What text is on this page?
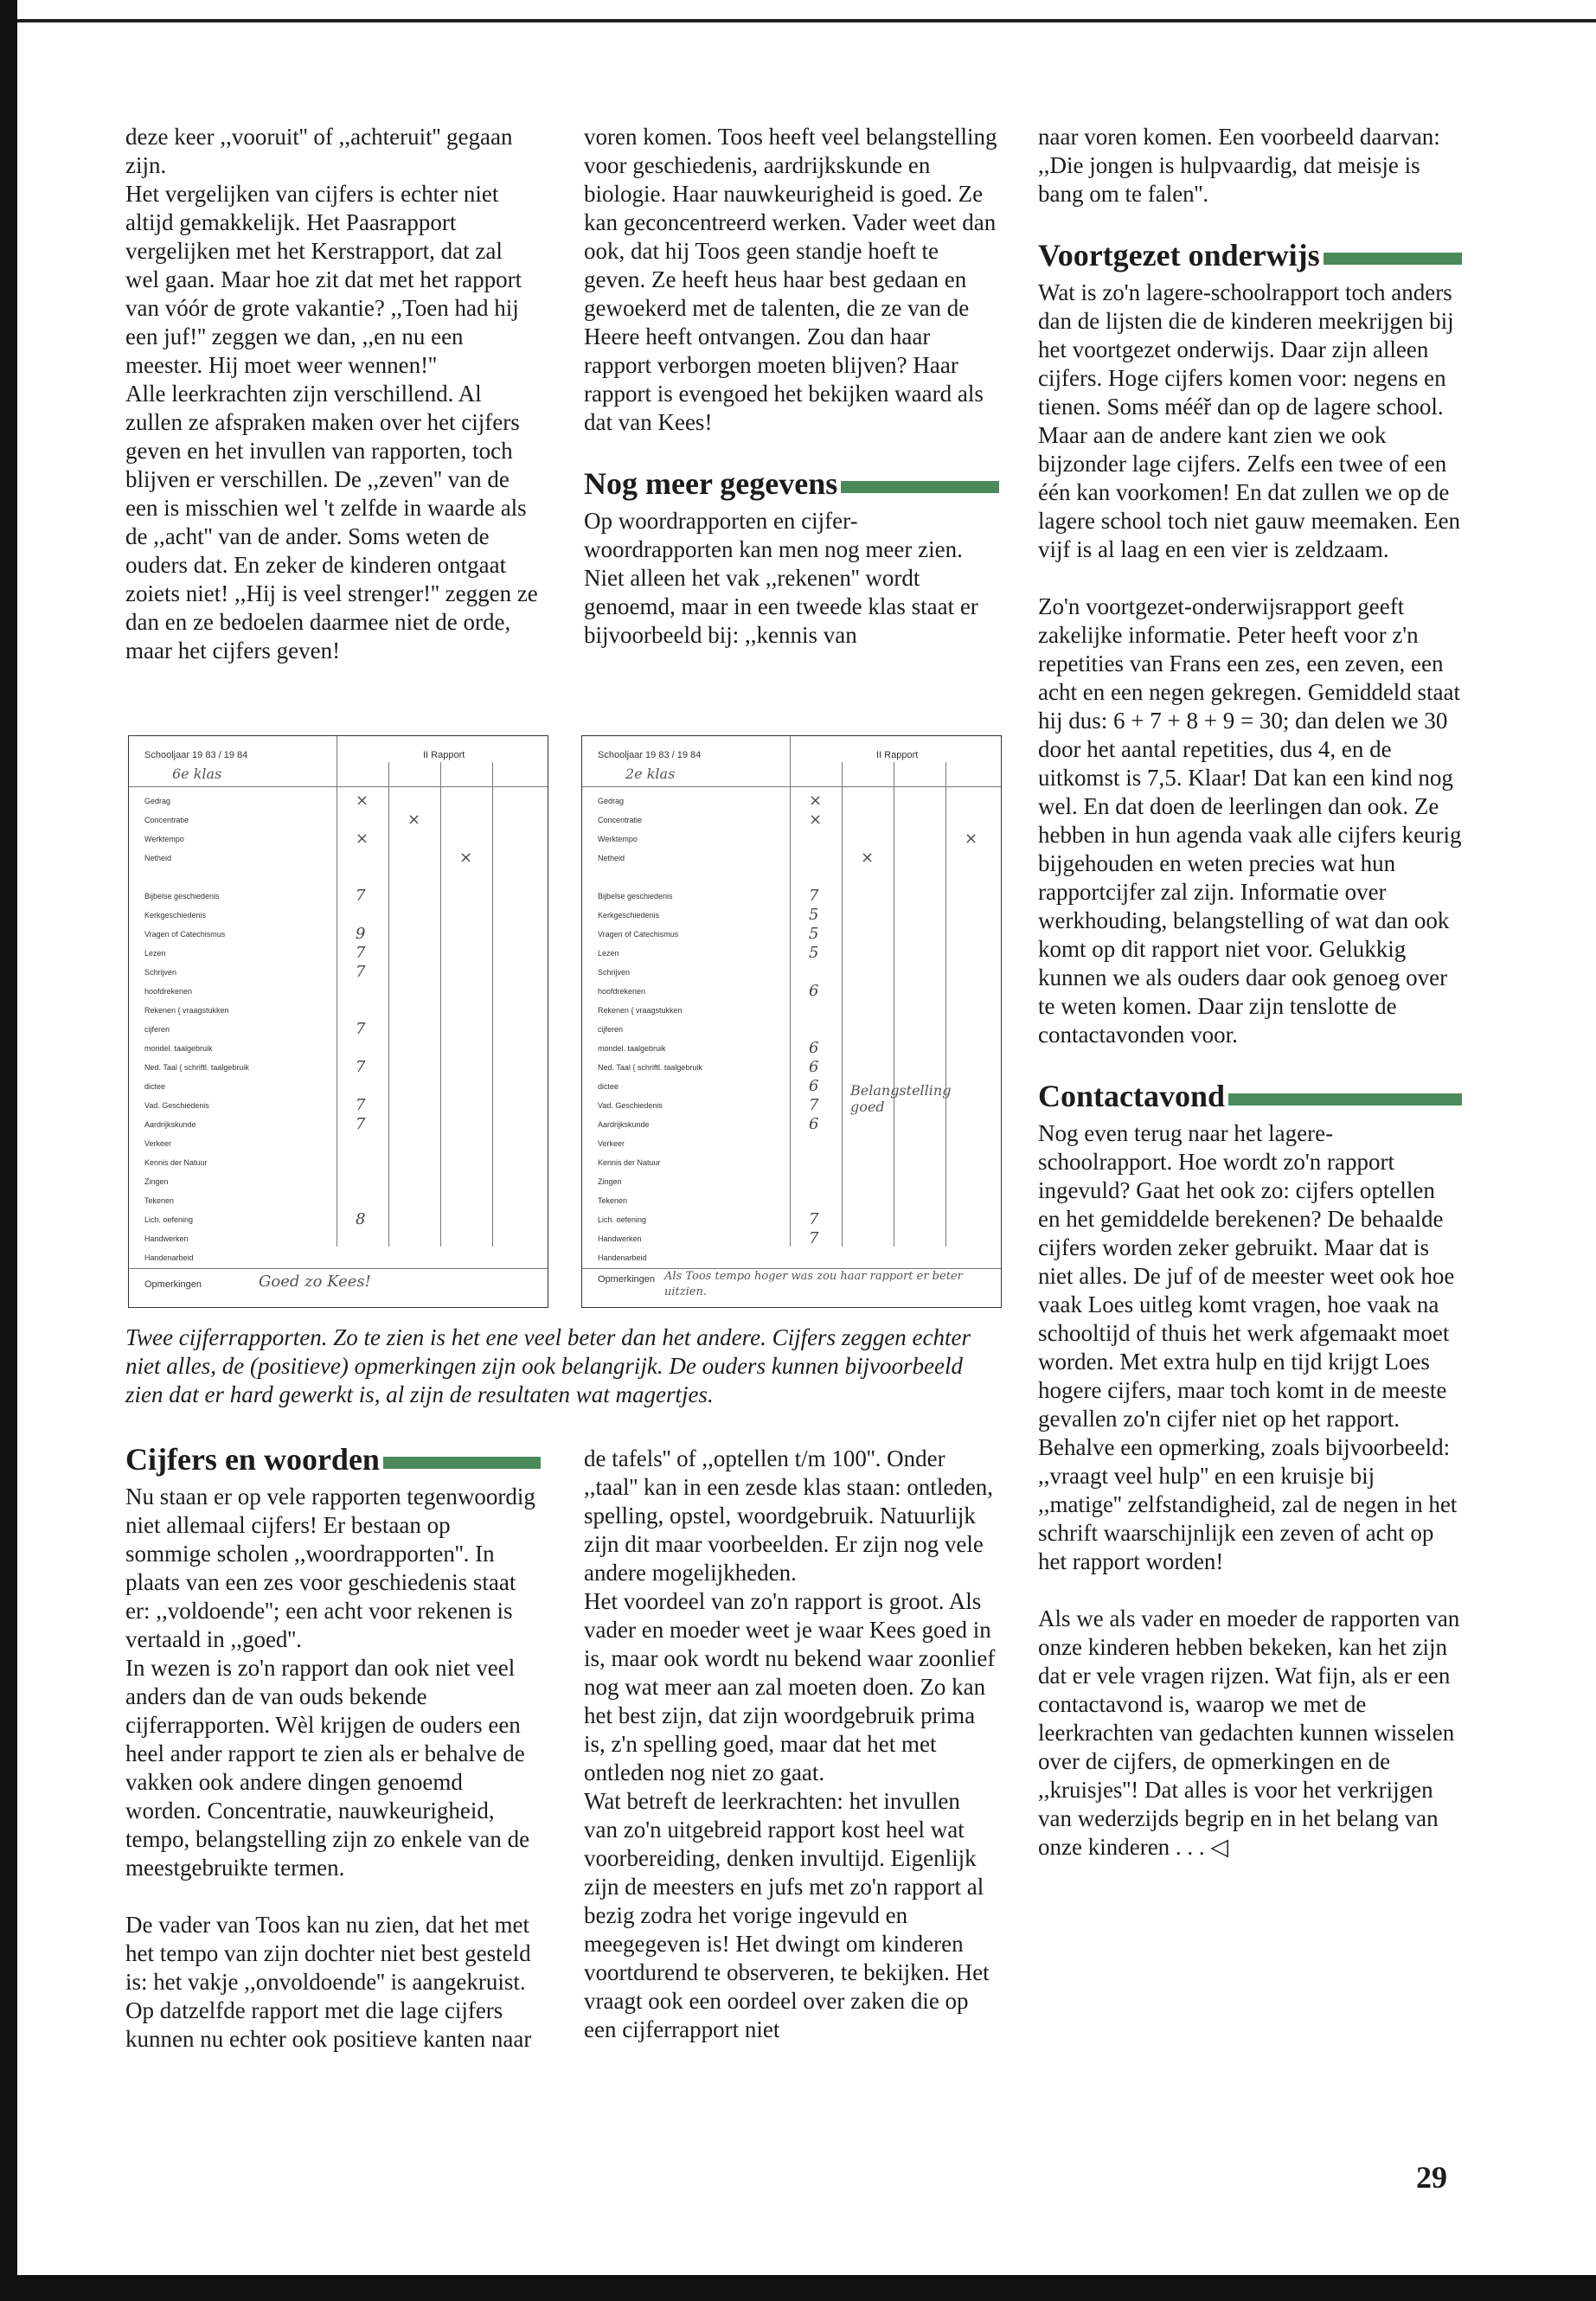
deze keer ,,vooruit'' of ,,achteruit'' gegaan zijn.
Het vergelijken van cijfers is echter niet altijd gemakkelijk. Het Paasrapport vergelijken met het Kerstrapport, dat zal wel gaan. Maar hoe zit dat met het rapport van vóór de grote vakantie? ,,Toen had hij een juf!'' zeggen we dan, ,,en nu een meester. Hij moet weer wennen!''
Alle leerkrachten zijn verschillend. Al zullen ze afspraken maken over het cijfers geven en het invullen van rapporten, toch blijven er verschillen. De ,,zeven'' van de een is misschien wel 't zelfde in waarde als de ,,acht'' van de ander. Soms weten de ouders dat. En zeker de kinderen ontgaat zoiets niet! ,,Hij is veel strenger!'' zeggen ze dan en ze bedoelen daarmee niet de orde, maar het cijfers geven!

voren komen. Toos heeft veel belangstelling voor geschiedenis, aardrijkskunde en biologie. Haar nauwkeurigheid is goed. Ze kan geconcentreerd werken. Vader weet dan ook, dat hij Toos geen standje hoeft te geven. Ze heeft heus haar best gedaan en gewoekerd met de talenten, die ze van de Heere heeft ontvangen. Zou dan haar rapport verborgen moeten blijven? Haar rapport is evengoed het bekijken waard als dat van Kees!

Nog meer gegevens

Op woordrapporten en cijfer-woordrapporten kan men nog meer zien. Niet alleen het vak ,,rekenen'' wordt genoemd, maar in een tweede klas staat er bijvoorbeeld bij: ,,kennis van

naar voren komen. Een voorbeeld daarvan: ,,Die jongen is hulpvaardig, dat meisje is bang om te falen''.

Voortgezet onderwijs

Wat is zo'n lagere-schoolrapport toch anders dan de lijsten die de kinderen meekrijgen bij het voortgezet onderwijs. Daar zijn alleen cijfers. Hoge cijfers komen voor: negens en tienen. Soms mééř dan op de lagere school. Maar aan de andere kant zien we ook bijzonder lage cijfers. Zelfs een twee of een één kan voorkomen! En dat zullen we op de lagere school toch niet gauw meemaken. Een vijf is al laag en een vier is zeldzaam.

Zo'n voortgezet-onderwijsrapport geeft zakelijke informatie. Peter heeft voor z'n repetities van Frans een zes, een zeven, een acht en een negen gekregen. Gemiddeld staat hij dus: 6 + 7 + 8 + 9 = 30; dan delen we 30 door het aantal repetities, dus 4, en de uitkomst is 7,5. Klaar! Dat kan een kind nog wel. En dat doen de leerlingen dan ook. Ze hebben in hun agenda vaak alle cijfers keurig bijgehouden en weten precies wat hun rapportcijfer zal zijn. Informatie over werkhouding, belangstelling of wat dan ook komt op dit rapport niet voor. Gelukkig kunnen we als ouders daar ook genoeg over te weten komen. Daar zijn tenslotte de contactavonden voor.

Contactavond

Nog even terug naar het lagere-schoolrapport. Hoe wordt zo'n rapport ingevuld? Gaat het ook zo: cijfers optellen en het gemiddelde berekenen? De behaalde cijfers worden zeker gebruikt. Maar dat is niet alles. De juf of de meester weet ook hoe vaak Loes uitleg komt vragen, hoe vaak na schooltijd of thuis het werk afgemaakt moet worden. Met extra hulp en tijd krijgt Loes hogere cijfers, maar toch komt in de meeste gevallen zo'n cijfer niet op het rapport. Behalve een opmerking, zoals bijvoorbeeld: ,,vraagt veel hulp'' en een kruisje bij ,,matige'' zelfstandigheid, zal de negen in het schrift waarschijnlijk een zeven of acht op het rapport worden!

Als we als vader en moeder de rapporten van onze kinderen hebben bekeken, kan het zijn dat er vele vragen rijzen. Wat fijn, als er een contactavond is, waarop we met de leerkrachten van gedachten kunnen wisselen over de cijfers, de opmerkingen en de ,,kruisjes''! Dat alles is voor het verkrijgen van wederzijds begrip en in het belang van onze kinderen . . . ◁

Schooljaar 19 83 / 19 84
6e klas
II Rapport
Gedrag
Concentratie
Werktempo
Netheid
Bijbelse geschiedenis
Kerkgeschiedenis
Vragen of Catechismus
Lezen
Schrijven
hoofdrekenen
Rekenen { vraagstukken
cijferen
mondel. taalgebruik
Ned. Taal { schriftl. taalgebruik
dictee
Vad. Geschiedenis
Aardrijkskunde
Verkeer
Kennis der Natuur
Zingen
Tekenen
Lich. oefening
Handwerken
Handenarbeid
×
×
×
×
7
9
7
7
7
7
7
7
8
Opmerkingen	Goed zo Kees!
Schooljaar 19 83 / 19 84
2e klas
II Rapport
Gedrag
Concentratie
Werktempo
Netheid
Bijbelse geschiedenis
Kerkgeschiedenis
Vragen of Catechismus
Lezen
Schrijven
hoofdrekenen
Rekenen { vraagstukken
cijferen
mondel. taalgebruik
Ned. Taal { schriftl. taalgebruik
dictee
Vad. Geschiedenis
Aardrijkskunde
Verkeer
Kennis der Natuur
Zingen
Tekenen
Lich. oefening
Handwerken
Handenarbeid
×
×
×
×
7
5
5
5
6
6
6
6
7
6
7
7
Belangstelling goed
Opmerkingen Als Toos tempo hoger was zou haar rapport er beter uitzien.
Twee cijferrapporten. Zo te zien is het ene veel beter dan het andere. Cijfers zeggen echter niet alles, de (positieve) opmerkingen zijn ook belangrijk. De ouders kunnen bijvoorbeeld zien dat er hard gewerkt is, al zijn de resultaten wat magertjes.
Cijfers en woorden

Nu staan er op vele rapporten tegenwoordig niet allemaal cijfers! Er bestaan op sommige scholen ,,woordrapporten''. In plaats van een zes voor geschiedenis staat er: ,,voldoende''; een acht voor rekenen is vertaald in ,,goed''.
In wezen is zo'n rapport dan ook niet veel anders dan de van ouds bekende cijferrapporten. Wèl krijgen de ouders een heel ander rapport te zien als er behalve de vakken ook andere dingen genoemd worden. Concentratie, nauwkeurigheid, tempo, belangstelling zijn zo enkele van de meestgebruikte termen.

De vader van Toos kan nu zien, dat het met het tempo van zijn dochter niet best gesteld is: het vakje ,,onvoldoende'' is aangekruist. Op datzelfde rapport met die lage cijfers kunnen nu echter ook positieve kanten naar

de tafels'' of ,,optellen t/m 100''. Onder ,,taal'' kan in een zesde klas staan: ontleden, spelling, opstel, woordgebruik. Natuurlijk zijn dit maar voorbeelden. Er zijn nog vele andere mogelijkheden.
Het voordeel van zo'n rapport is groot. Als vader en moeder weet je waar Kees goed in is, maar ook wordt nu bekend waar zoonlief nog wat meer aan zal moeten doen. Zo kan het best zijn, dat zijn woordgebruik prima is, z'n spelling goed, maar dat het met ontleden nog niet zo gaat.
Wat betreft de leerkrachten: het invullen van zo'n uitgebreid rapport kost heel wat voorbereiding, denken invultijd. Eigenlijk zijn de meesters en jufs met zo'n rapport al bezig zodra het vorige ingevuld en meegegeven is! Het dwingt om kinderen voortdurend te observeren, te bekijken. Het vraagt ook een oordeel over zaken die op een cijferrapport niet

29
